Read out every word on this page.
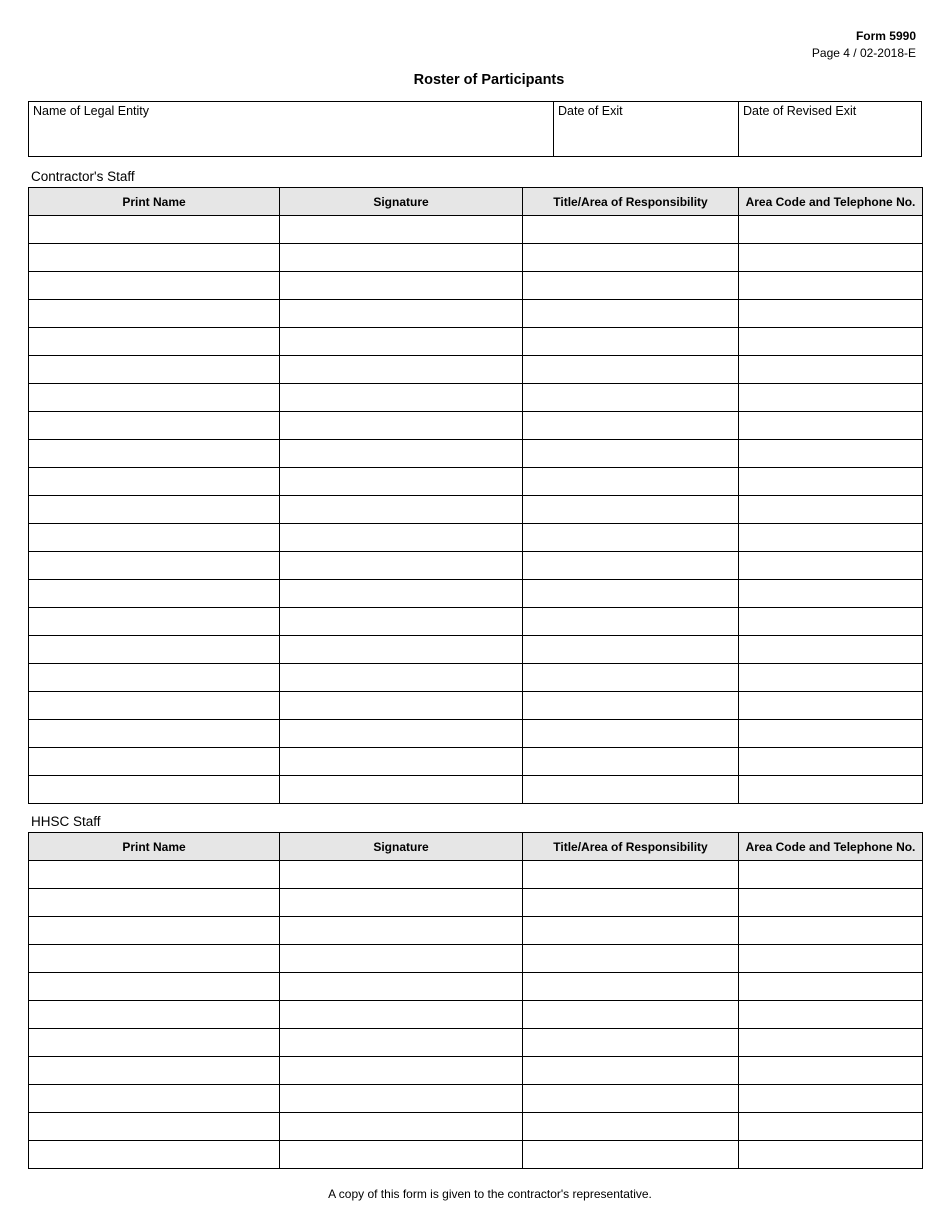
Form 5990
Page 4 / 02-2018-E
Roster of Participants
Name of Legal Entity	Date of Exit	Date of Revised Exit
Contractor's Staff
Print Name	Signature	Title/Area of Responsibility	Area Code and Telephone No.

HHSC Staff
Print Name	Signature	Title/Area of Responsibility	Area Code and Telephone No.

A copy of this form is given to the contractor's representative.
